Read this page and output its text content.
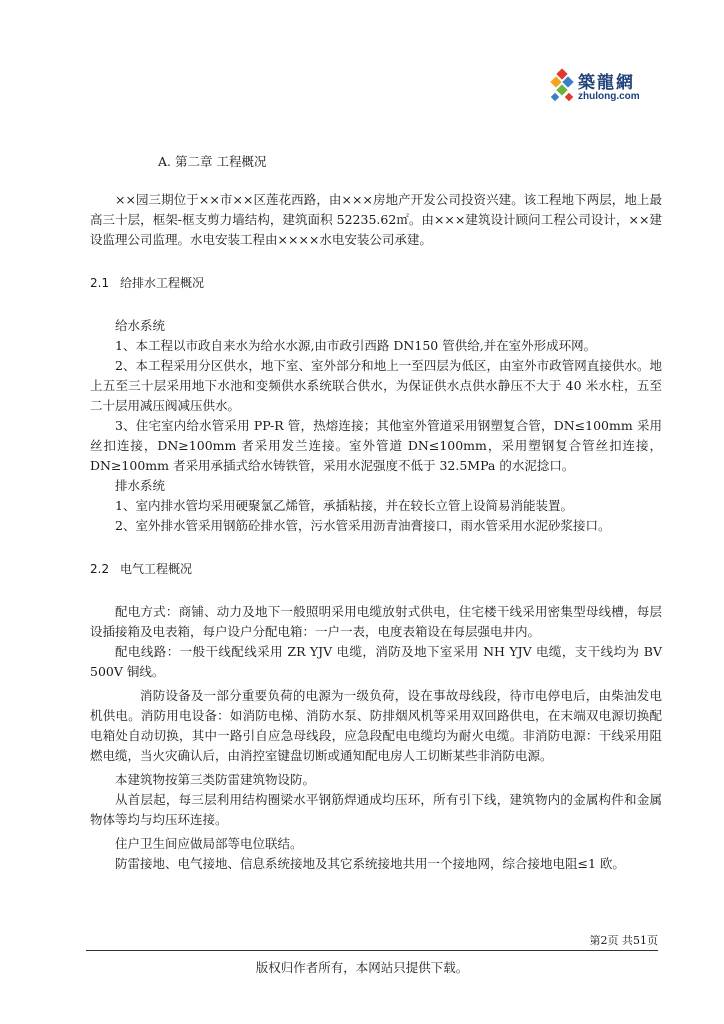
築龍網
zhulong.com
A. 第二章 工程概况

××园三期位于××市××区莲花西路，由×××房地产开发公司投资兴建。该工程地下两层，地上最高三十层，框架-框支剪力墙结构，建筑面积 52235.62㎡。由×××建筑设计顾问工程公司设计，××建设监理公司监理。水电安装工程由××××水电安装公司承建。

2.1 给排水工程概况

给水系统

1、本工程以市政自来水为给水水源,由市政引西路 DN150 管供给,并在室外形成环网。

2、本工程采用分区供水，地下室、室外部分和地上一至四层为低区，由室外市政管网直接供水。地上五至三十层采用地下水池和变频供水系统联合供水，为保证供水点供水静压不大于 40 米水柱，五至二十层用减压阀减压供水。

3、住宅室内给水管采用 PP-R 管，热熔连接；其他室外管道采用钢塑复合管，DN≤100mm 采用丝扣连接，DN≥100mm 者采用发兰连接。室外管道 DN≤100mm，采用塑钢复合管丝扣连接，DN≥100mm 者采用承插式给水铸铁管，采用水泥强度不低于 32.5MPa 的水泥捻口。

排水系统

1、室内排水管均采用硬聚氯乙烯管，承插粘接，并在较长立管上设简易消能装置。

2、室外排水管采用钢筋砼排水管，污水管采用沥青油膏接口，雨水管采用水泥砂浆接口。

2.2 电气工程概况

配电方式：商铺、动力及地下一般照明采用电缆放射式供电，住宅楼干线采用密集型母线槽，每层设插接箱及电表箱，每户设户分配电箱：一户一表，电度表箱设在每层强电井内。

配电线路：一般干线配线采用 ZR YJV 电缆，消防及地下室采用 NH YJV 电缆，支干线均为 BV 500V 铜线。

消防设备及一部分重要负荷的电源为一级负荷，设在事故母线段，待市电停电后，由柴油发电机供电。消防用电设备：如消防电梯、消防水泵、防排烟风机等采用双回路供电，在末端双电源切换配电箱处自动切换，其中一路引自应急母线段，应急段配电电缆均为耐火电缆。非消防电源：干线采用阻燃电缆，当火灾确认后，由消控室键盘切断或通知配电房人工切断某些非消防电源。

本建筑物按第三类防雷建筑物设防。

从首层起，每三层利用结构圈梁水平钢筋焊通成均压环，所有引下线，建筑物内的金属构件和金属物体等均与均压环连接。

住户卫生间应做局部等电位联结。

防雷接地、电气接地、信息系统接地及其它系统接地共用一个接地网，综合接地电阻≤1 欧。

第2页 共51页
版权归作者所有，本网站只提供下载。
